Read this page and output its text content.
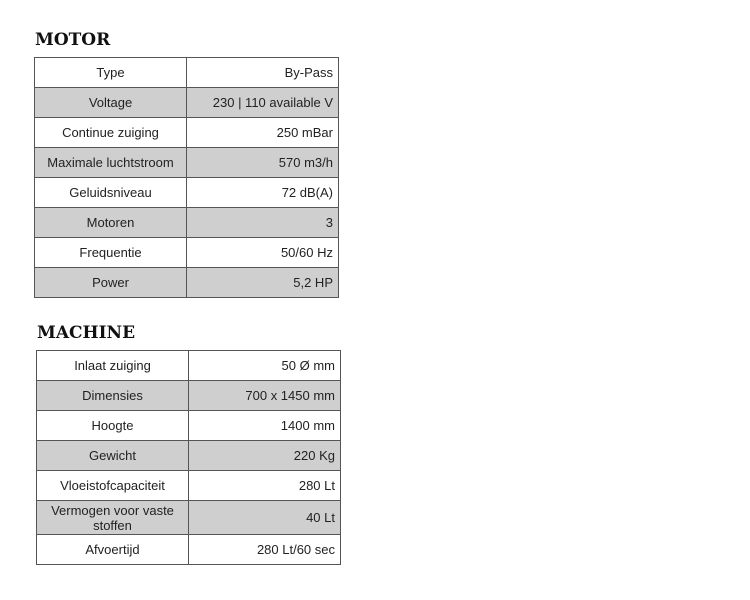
MOTOR
Type	By-Pass
Voltage	230 | 110 available V
Continue zuiging	250 mBar
Maximale luchtstroom	570 m3/h
Geluidsniveau	72 dB(A)
Motoren	3
Frequentie	50/60 Hz
Power	5,2 HP
MACHINE
Inlaat zuiging	50 Ø mm
Dimensies	700 x 1450 mm
Hoogte	1400 mm
Gewicht	220 Kg
Vloeistofcapaciteit	280 Lt
Vermogen voor vaste stoffen	40 Lt
Afvoertijd	280 Lt/60 sec
